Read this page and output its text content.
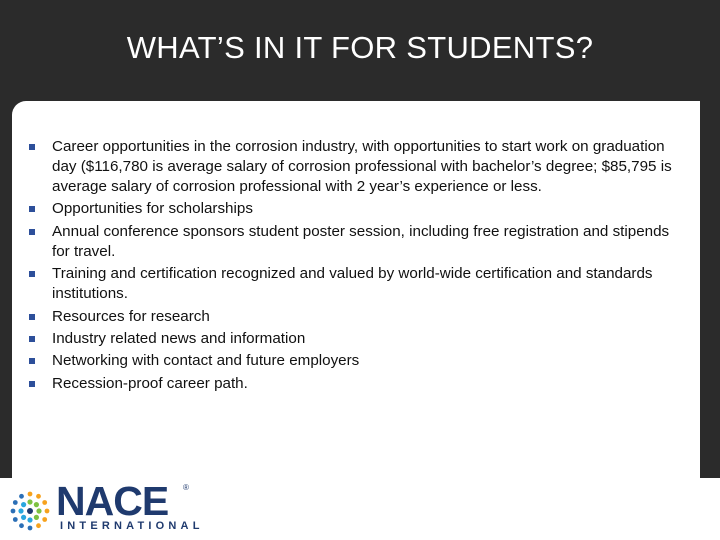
WHAT’S IN IT FOR STUDENTS?
Career opportunities in the corrosion industry, with opportunities to start work on graduation day ($116,780 is average salary of corrosion professional with bachelor’s degree; $85,795 is average salary of corrosion professional with 2 year’s experience or less.
Opportunities for scholarships
Annual conference sponsors student poster session, including free registration and stipends for travel.
Training and certification recognized and valued by world-wide certification and standards institutions.
Resources for research
Industry related news and information
Networking with contact and future employers
Recession-proof career path.
NACE ®
INTERNATIONAL
